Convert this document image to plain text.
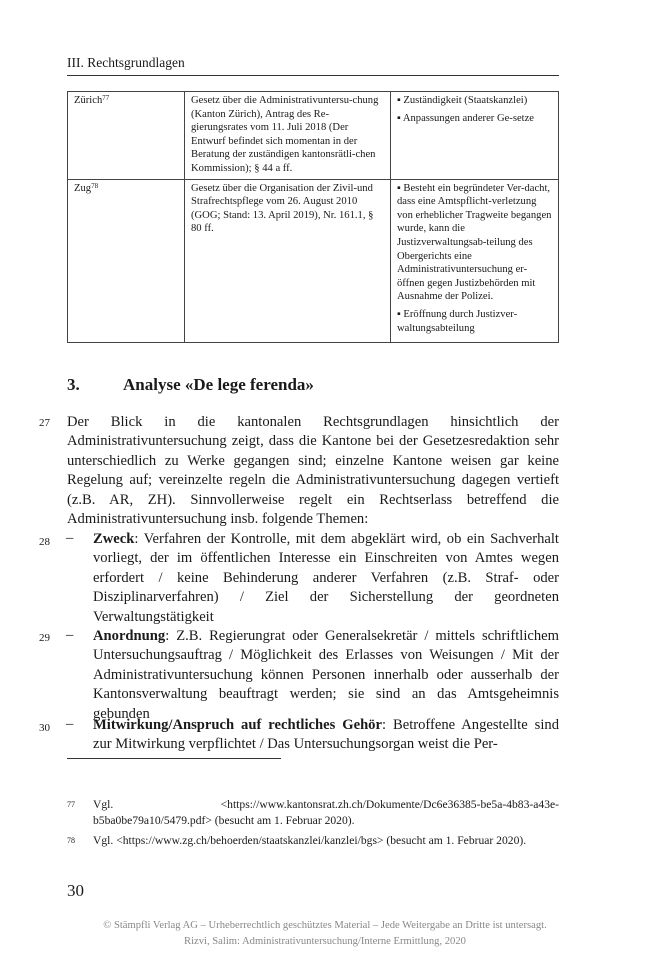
III. Rechtsgrundlagen
Zürich$^{77}$	Gesetz über die Administrativuntersu-chung (Kanton Zürich), Antrag des Re-gierungsrates vom 11. Juli 2018 (Der Entwurf befindet sich momentan in der Beratung der zuständigen kantonsrätli-chen Kommission); § 44 a ff.	▪ Zuständigkeit (Staatskanzlei)
▪ Anpassungen anderer Ge-setze

Zug$^{78}$	Gesetz über die Organisation der Zivil-und Strafrechtspflege vom 26. August 2010 (GOG; Stand: 13. April 2019), Nr. 161.1, § 80 ff.	▪ Besteht ein begründeter Ver-dacht, dass eine Amtspflicht-verletzung von erheblicher Tragweite begangen wurde, kann die Justizverwaltungsab-teilung des Obergerichts eine Administrativuntersuchung er-öffnen gegen Justizbehörden mit Ausnahme der Polizei.
▪ Eröffnung durch Justizver-waltungsabteilung
3.	Analyse «De lege ferenda»
27 Der Blick in die kantonalen Rechtsgrundlagen hinsichtlich der Administrativuntersuchung zeigt, dass die Kantone bei der Gesetzesredaktion sehr unterschiedlich zu Werke gegangen sind; einzelne Kantone weisen gar keine Regelung auf; vereinzelte regeln die Administrativuntersuchung dagegen vertieft (z.B. AR, ZH). Sinnvollerweise regelt ein Rechtserlass betreffend die Administrativuntersuchung insb. folgende Themen:
28 – Zweck: Verfahren der Kontrolle, mit dem abgeklärt wird, ob ein Sachverhalt vorliegt, der im öffentlichen Interesse ein Einschreiten von Amtes wegen erfordert / keine Behinderung anderer Verfahren (z.B. Straf- oder Disziplinarverfahren) / Ziel der Sicherstellung der geordneten Verwaltungstätigkeit
29 – Anordnung: Z.B. Regierungrat oder Generalsekretär / mittels schriftlichem Untersuchungsauftrag / Möglichkeit des Erlasses von Weisungen / Mit der Administrativuntersuchung können Personen innerhalb oder ausserhalb der Kantonsverwaltung beauftragt werden; sie sind an das Amtsgeheimnis gebunden
30 – Mitwirkung/Anspruch auf rechtliches Gehör: Betroffene Angestellte sind zur Mitwirkung verpflichtet / Das Untersuchungsorgan weist die Per-
77 Vgl. <https://www.kantonsrat.zh.ch/Dokumente/Dc6e36385-be5a-4b83-a43e-b5ba0be79a10/5479.pdf> (besucht am 1. Februar 2020).
78 Vgl. <https://www.zg.ch/behoerden/staatskanzlei/kanzlei/bgs> (besucht am 1. Februar 2020).
30
© Stämpfli Verlag AG – Urheberrechtlich geschütztes Material – Jede Weitergabe an Dritte ist untersagt.
Rizvi, Salim: Administrativuntersuchung/Interne Ermittlung, 2020
